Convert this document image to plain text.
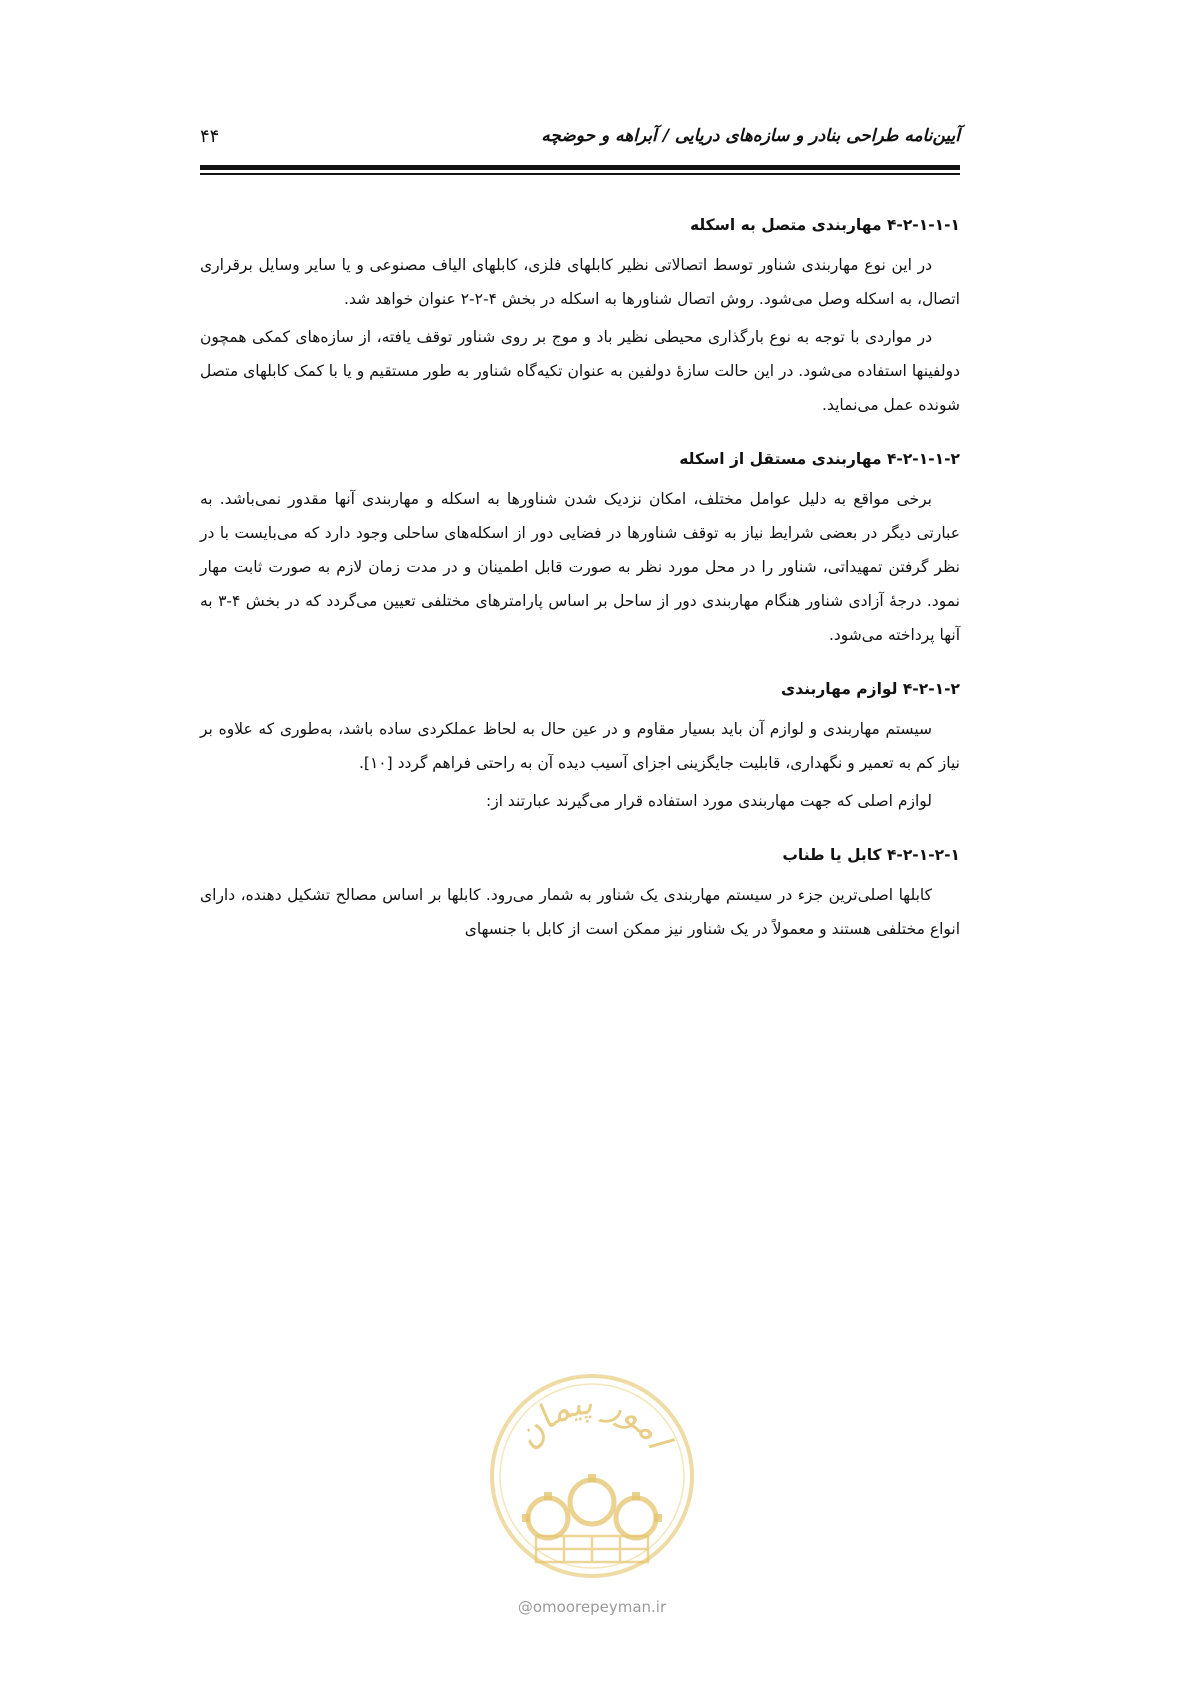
آیین‌نامه طراحی بنادر و سازه‌های دریایی / آبراهه و حوضچه
۴۴
۴-۲-۱-۱-۱ مهاربندی متصل به اسکله

در این نوع مهاربندی شناور توسط اتصالاتی نظیر کابلهای فلزی، کابلهای الیاف مصنوعی و یا سایر وسایل برقراری اتصال، به اسکله وصل می‌شود. روش اتصال شناورها به اسکله در بخش ۴-۲-۲ عنوان خواهد شد.

در مواردی با توجه به نوع بارگذاری محیطی نظیر باد و موج بر روی شناور توقف یافته، از سازه‌های کمکی همچون دولفینها استفاده می‌شود. در این حالت سازهٔ دولفین به عنوان تکیه‌گاه شناور به طور مستقیم و یا با کمک کابلهای متصل شونده عمل می‌نماید.

۴-۲-۱-۱-۲ مهاربندی مستقل از اسکله

برخی مواقع به دلیل عوامل مختلف، امکان نزدیک شدن شناورها به اسکله و مهاربندی آنها مقدور نمی‌باشد. به عبارتی دیگر در بعضی شرایط نیاز به توقف شناورها در فضایی دور از اسکله‌های ساحلی وجود دارد که می‌بایست با در نظر گرفتن تمهیداتی، شناور را در محل مورد نظر به صورت قابل اطمینان و در مدت زمان لازم به صورت ثابت مهار نمود. درجهٔ آزادی شناور هنگام مهاربندی دور از ساحل بر اساس پارامترهای مختلفی تعیین می‌گردد که در بخش ۴-۳ به آنها پرداخته می‌شود.

۴-۲-۱-۲ لوازم مهاربندی

سیستم مهاربندی و لوازم آن باید بسیار مقاوم و در عین حال به لحاظ عملکردی ساده باشد، به‌طوری که علاوه بر نیاز کم به تعمیر و نگهداری، قابلیت جایگزینی اجزای آسیب دیده آن به راحتی فراهم گردد [۱۰].

لوازم اصلی که جهت مهاربندی مورد استفاده قرار می‌گیرند عبارتند از:

۴-۲-۱-۲-۱ کابل یا طناب

کابلها اصلی‌ترین جزء در سیستم مهاربندی یک شناور به شمار می‌رود. کابلها بر اساس مصالح تشکیل دهنده، دارای انواع مختلفی هستند و معمولاً در یک شناور نیز ممکن است از کابل با جنسهای

امور پیمان
@omoorepeyman.ir
